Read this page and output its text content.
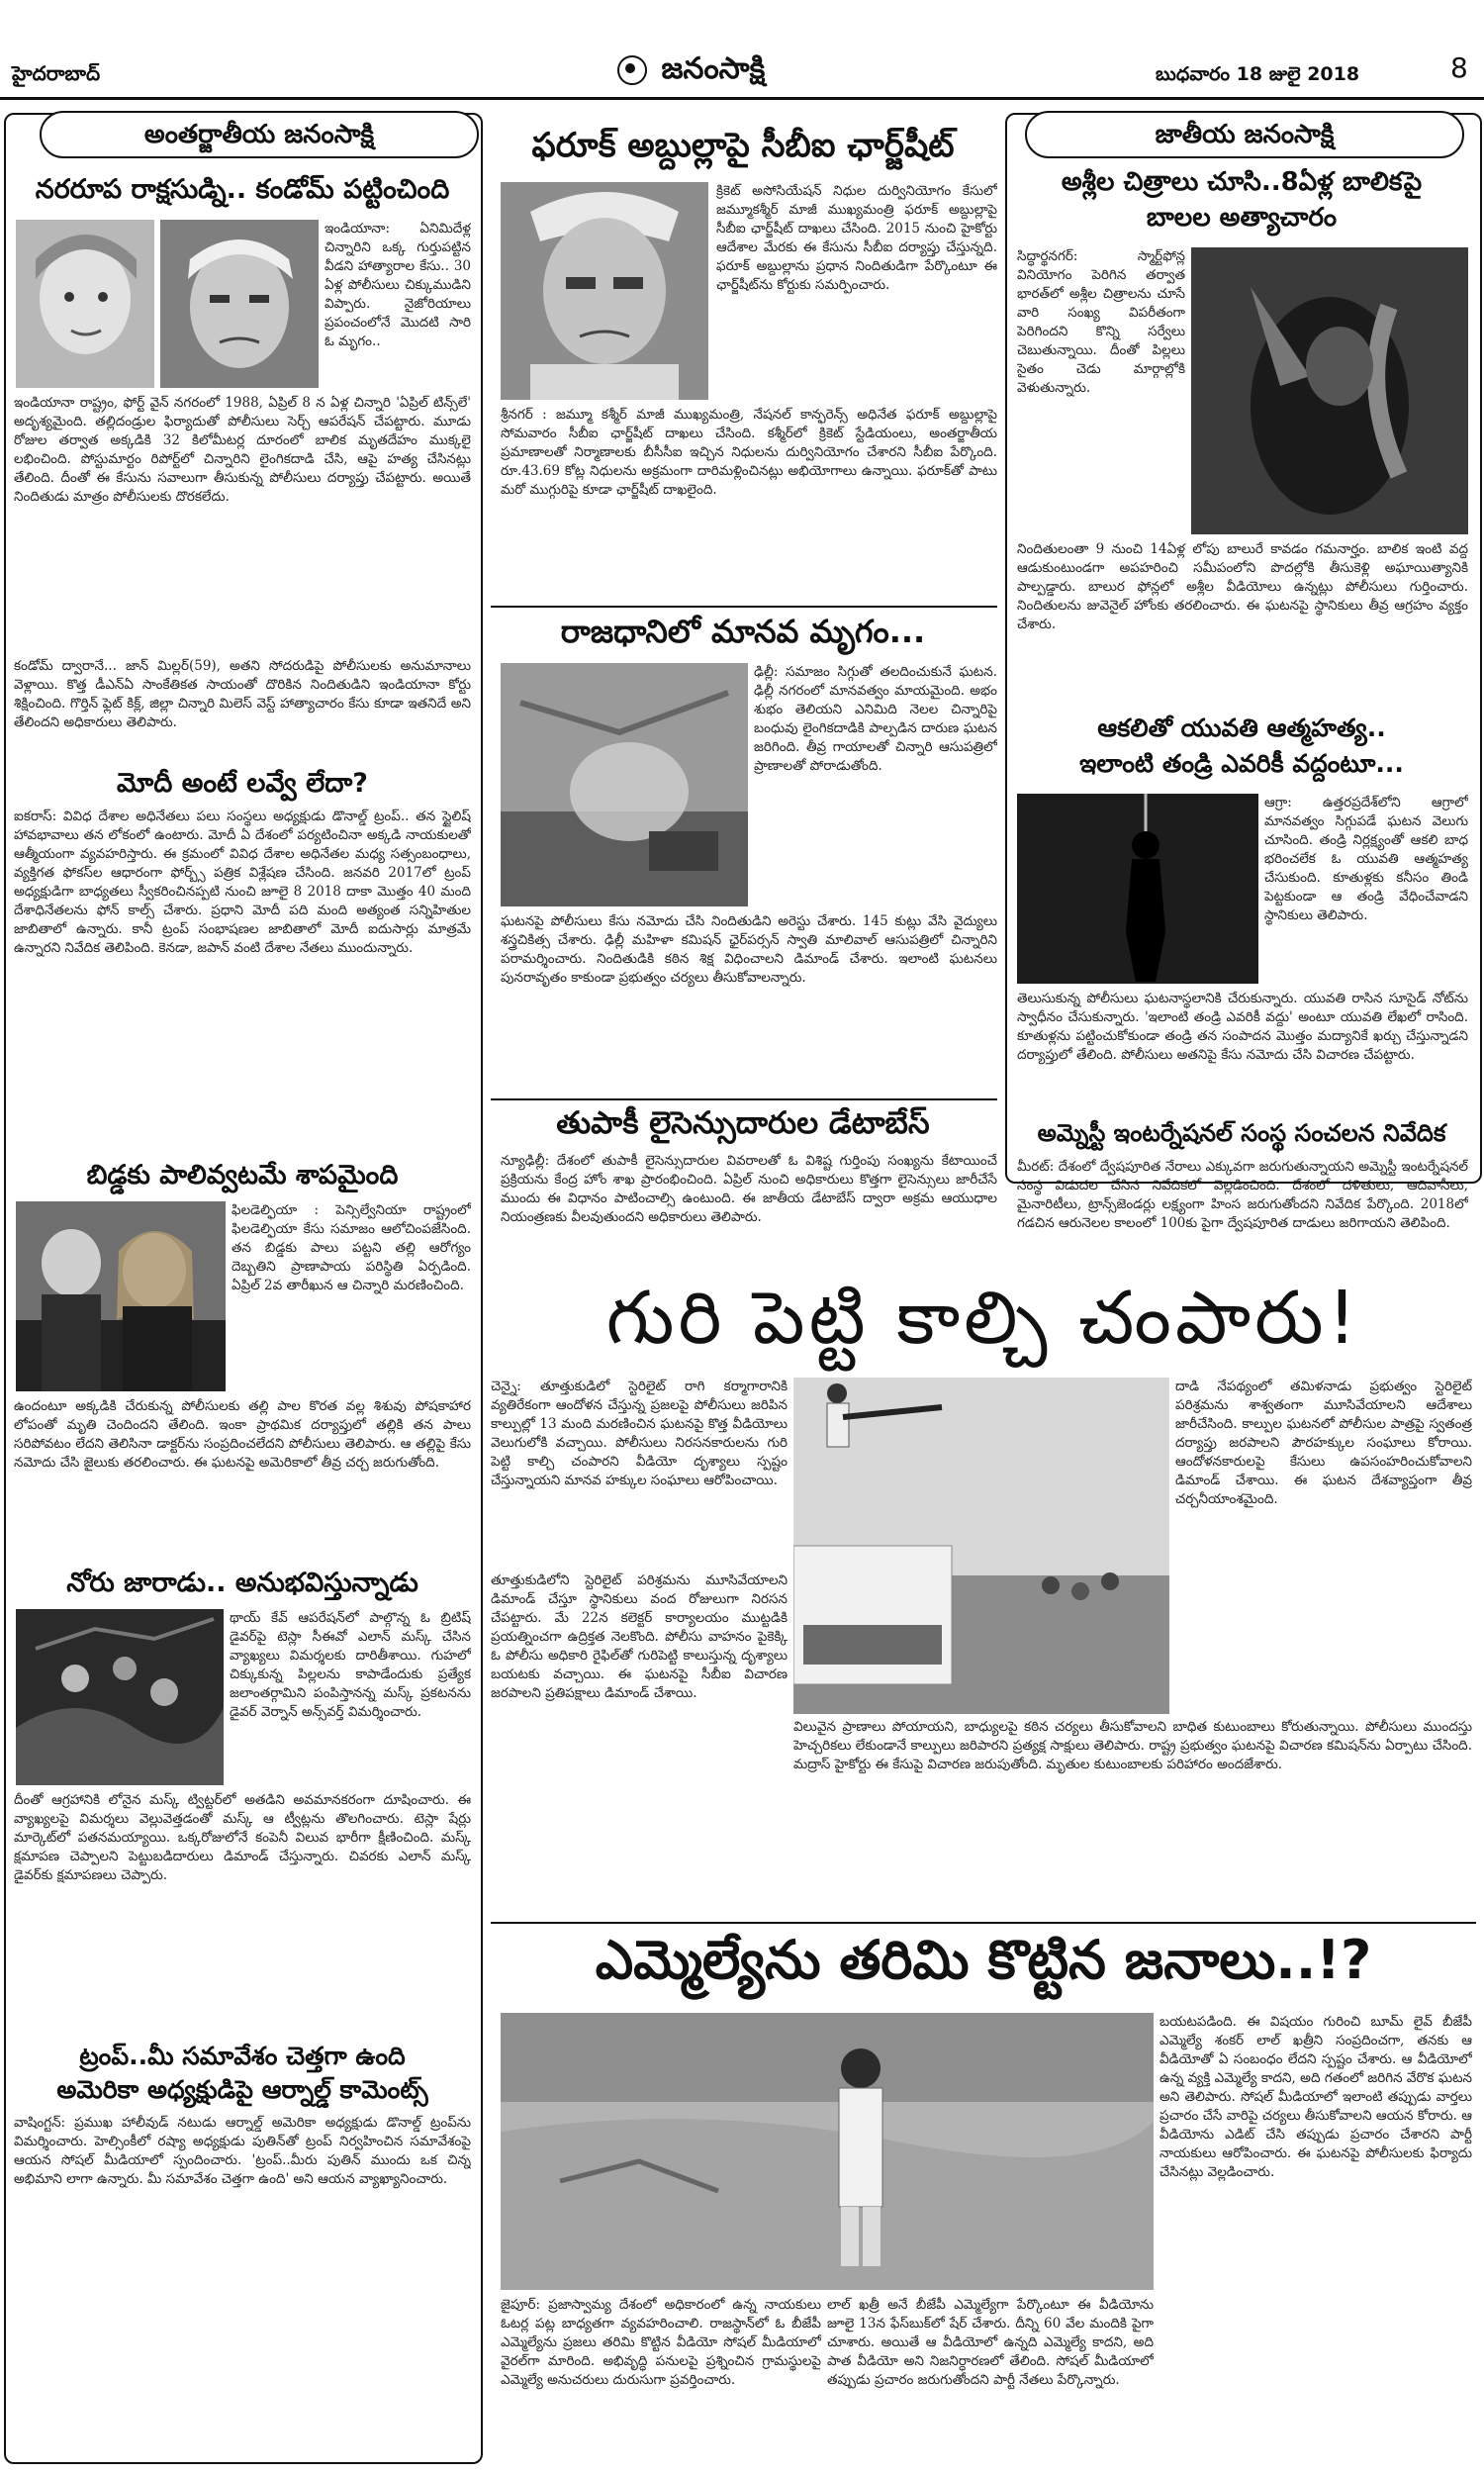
హైదరాబాద్	జనంసాక్షి	బుధవారం 18 జులై 2018	8
అంతర్జాతీయ జనంసాక్షి	జాతీయ జనంసాక్షి
నరరూప రాక్షసుడ్ని.. కండోమ్‌ పట్టించింది
ఇండియానా: ఏనిమిదేళ్ల చిన్నారిని ఒక్క గుర్తుపట్టిన వీడని హాత్యారాల కేసు.. 30 ఏళ్ల పోలీసులు చిక్కుముడిని విప్పారు. నైజోరియాలు ప్రపంచంలోనే మొదటి సారి ఓ మృగం..
ఇండియానా రాష్ట్రం, ఫోర్ట్‌ వైన్‌ నగరంలో 1988, ఏప్రిల్‌ 8 న ఏళ్ల చిన్నారి 'ఏప్రిల్‌ టిన్స్‌లే' అదృశ్యమైంది. తల్లిదండ్రుల ఫిర్యాదుతో పోలీసులు సెర్చ్‌ ఆపరేషన్‌ చేపట్టారు. మూడు రోజుల తర్వాత అక్కడికి 32 కిలోమీటర్ల దూరంలో బాలిక మృతదేహం ముక్కలై లభించింది. పోస్టుమార్టం రిపోర్ట్‌లో చిన్నారిని లైంగికదాడి చేసి, ఆపై హత్య చేసినట్లు తేలింది. దీంతో ఈ కేసును సవాలుగా తీసుకున్న పోలీసులు దర్యాప్తు చేపట్టారు. అయితే నిందితుడు మాత్రం పోలీసులకు దొరకలేదు.
కండోమ్‌ ద్వారానే... జాన్‌ మిల్లర్‌(59), అతని సోదరుడిపై పోలీసులకు అనుమానాలు వెళ్లాయి. కొత్త డీఎన్‌ఏ సాంకేతికత సాయంతో దొరికిన నిందితుడిని ఇండియానా కోర్టు శిక్షించింది. గొర్తిన్‌ ఫ్లెట్‌ కిక్ల్‌, జిల్లా చిన్నారి మిలెస్‌ వెస్ట్‌ హాత్యాచారం కేసు కూడా ఇతనిదే అని తేలిందని అధికారులు తెలిపారు.
మోదీ అంటే లవ్వే లేదా?
ఐకరాస్‌: వివిధ దేశాల అధినేతలు పలు సంస్థలు అధ్యక్షుడు డొనాల్డ్‌ ట్రంప్‌.. తన స్టైలిష్‌ హావభావాలు తన లోకంలో ఉంటారు. మోదీ ఏ దేశంలో పర్యటించినా అక్కడి నాయకులతో ఆత్మీయంగా వ్యవహరిస్తారు. ఈ క్రమంలో వివిధ దేశాల అధినేతల మధ్య సత్సంబంధాలు, వ్యక్తిగత ఫోకస్‌ల ఆధారంగా ఫోర్బ్స్‌ పత్రిక విశ్లేషణ చేసింది. జనవరి 2017లో ట్రంప్‌ అధ్యక్షుడిగా బాధ్యతలు స్వీకరించినప్పటి నుంచి జూలై 8 2018 దాకా మొత్తం 40 మంది దేశాధినేతలను ఫోన్‌ కాల్స్‌ చేశారు. ప్రధాని మోదీ పది మంది అత్యంత సన్నిహితుల జాబితాలో ఉన్నారు. కానీ ట్రంప్‌ సంభాషణల జాబితాలో మోదీ ఐదుసార్లు మాత్రమే ఉన్నారని నివేదిక తెలిపింది. కెనడా, జపాన్‌ వంటి దేశాల నేతలు ముందున్నారు.
బిడ్డకు పాలివ్వటమే శాపమైంది
ఫిలడెల్ఫియా : పెన్సిల్వేనియా రాష్ట్రంలో ఫిలడెల్ఫియా కేసు సమాజం ఆలోచింపజేసింది. తన బిడ్డకు పాలు పట్టని తల్లి ఆరోగ్యం దెబ్బతిని ప్రాణాపాయ పరిస్థితి ఏర్పడింది. ఏప్రిల్‌ 2వ తారీఖున ఆ చిన్నారి మరణించింది.
ఉందంటూ అక్కడికి చేరుకున్న పోలీసులకు తల్లి పాల కొరత వల్ల శిశువు పోషకాహార లోపంతో మృతి చెందిందని తేలింది. ఇంకా ప్రాథమిక దర్యాప్తులో తల్లికి తన పాలు సరిపోవటం లేదని తెలిసినా డాక్టర్‌ను సంప్రదించలేదని పోలీసులు తెలిపారు. ఆ తల్లిపై కేసు నమోదు చేసి జైలుకు తరలించారు. ఈ ఘటనపై అమెరికాలో తీవ్ర చర్చ జరుగుతోంది.
నోరు జారాడు.. అనుభవిస్తున్నాడు
థాయ్‌ కేవ్‌ ఆపరేషన్‌లో పాల్గొన్న ఓ బ్రిటిష్‌ డైవర్‌పై టెస్లా సీఈవో ఎలాన్‌ మస్క్‌ చేసిన వ్యాఖ్యలు విమర్శలకు దారితీశాయి. గుహలో చిక్కుకున్న పిల్లలను కాపాడేందుకు ప్రత్యేక జలాంతర్గామిని పంపిస్తానన్న మస్క్‌ ప్రకటనను డైవర్‌ వెర్నాన్‌ అన్స్‌వర్త్‌ విమర్శించారు.
దీంతో ఆగ్రహానికి లోనైన మస్క్‌ ట్విట్టర్‌లో అతడిని అవమానకరంగా దూషించారు. ఈ వ్యాఖ్యలపై విమర్శలు వెల్లువెత్తడంతో మస్క్‌ ఆ ట్వీట్లను తొలగించారు. టెస్లా షేర్లు మార్కెట్‌లో పతనమయ్యాయి. ఒక్కరోజులోనే కంపెనీ విలువ భారీగా క్షీణించింది. మస్క్‌ క్షమాపణ చెప్పాలని పెట్టుబడిదారులు డిమాండ్‌ చేస్తున్నారు. చివరకు ఎలాన్‌ మస్క్‌ డైవర్‌కు క్షమాపణలు చెప్పారు.
ట్రంప్‌..మీ సమావేశం చెత్తగా ఉంది
అమెరికా అధ్యక్షుడిపై ఆర్నాల్డ్‌ కామెంట్స్‌
వాషింగ్టన్‌: ప్రముఖ హాలీవుడ్‌ నటుడు ఆర్నాల్డ్‌ అమెరికా అధ్యక్షుడు డొనాల్డ్‌ ట్రంప్‌ను విమర్శించారు. హెల్సింకీలో రష్యా అధ్యక్షుడు పుతిన్‌తో ట్రంప్‌ నిర్వహించిన సమావేశంపై ఆయన సోషల్‌ మీడియాలో స్పందించారు. 'ట్రంప్‌..మీరు పుతిన్‌ ముందు ఒక చిన్న అభిమాని లాగా ఉన్నారు. మీ సమావేశం చెత్తగా ఉంది' అని ఆయన వ్యాఖ్యానించారు.
ఫరూక్‌ అబ్దుల్లాపై సీబీఐ ఛార్జ్‌షీట్‌
క్రికెట్‌ అసోసియేషన్‌ నిధుల దుర్వినియోగం కేసులో జమ్మూకశ్మీర్‌ మాజీ ముఖ్యమంత్రి ఫరూక్‌ అబ్దుల్లాపై సీబీఐ ఛార్జ్‌షీట్‌ దాఖలు చేసింది. 2015 నుంచి హైకోర్టు ఆదేశాల మేరకు ఈ కేసును సీబీఐ దర్యాప్తు చేస్తున్నది. ఫరూక్‌ అబ్దుల్లాను ప్రధాన నిందితుడిగా పేర్కొంటూ ఈ ఛార్జ్‌షీట్‌ను కోర్టుకు సమర్పించారు.
శ్రీనగర్‌ : జమ్మూ కశ్మీర్‌ మాజీ ముఖ్యమంత్రి, నేషనల్‌ కాన్ఫరెన్స్‌ అధినేత ఫరూక్‌ అబ్దుల్లాపై సోమవారం సీబీఐ ఛార్జ్‌షీట్‌ దాఖలు చేసింది. కశ్మీర్‌లో క్రికెట్‌ స్టేడియంలు, అంతర్జాతీయ ప్రమాణాలతో నిర్మాణాలకు బీసీసీఐ ఇచ్చిన నిధులను దుర్వినియోగం చేశారని సీబీఐ పేర్కొంది. రూ.43.69 కోట్ల నిధులను అక్రమంగా దారిమళ్లించినట్లు అభియోగాలు ఉన్నాయి. ఫరూక్‌తో పాటు మరో ముగ్గురిపై కూడా ఛార్జ్‌షీట్‌ దాఖలైంది.
రాజధానిలో మానవ మృగం...
ఢిల్లీ: సమాజం సిగ్గుతో తలదించుకునే ఘటన. ఢిల్లీ నగరంలో మానవత్వం మాయమైంది. అభం శుభం తెలియని ఎనిమిది నెలల చిన్నారిపై బంధువు లైంగికదాడికి పాల్పడిన దారుణ ఘటన జరిగింది. తీవ్ర గాయాలతో చిన్నారి ఆసుపత్రిలో ప్రాణాలతో పోరాడుతోంది.
ఘటనపై పోలీసులు కేసు నమోదు చేసి నిందితుడిని అరెస్టు చేశారు. 145 కుట్లు వేసి వైద్యులు శస్త్రచికిత్స చేశారు. ఢిల్లీ మహిళా కమిషన్‌ ఛైర్‌పర్సన్‌ స్వాతి మాలివాల్‌ ఆసుపత్రిలో చిన్నారిని పరామర్శించారు. నిందితుడికి కఠిన శిక్ష విధించాలని డిమాండ్‌ చేశారు. ఇలాంటి ఘటనలు పునరావృతం కాకుండా ప్రభుత్వం చర్యలు తీసుకోవాలన్నారు.
తుపాకీ లైసెన్సుదారుల డేటాబేస్‌
న్యూఢిల్లీ: దేశంలో తుపాకీ లైసెన్సుదారుల వివరాలతో ఓ విశిష్ట గుర్తింపు సంఖ్యను కేటాయించే ప్రక్రియను కేంద్ర హోం శాఖ ప్రారంభించింది. ఏప్రిల్‌ నుంచి అధికారులు కొత్తగా లైసెన్సులు జారీచేసే ముందు ఈ విధానం పాటించాల్సి ఉంటుంది. ఈ జాతీయ డేటాబేస్‌ ద్వారా అక్రమ ఆయుధాల నియంత్రణకు వీలవుతుందని అధికారులు తెలిపారు.
అశ్లీల చిత్రాలు చూసి..8ఏళ్ల బాలికపై
బాలల అత్యాచారం
సిద్ధార్థనగర్‌: స్మార్ట్‌ఫోన్ల వినియోగం పెరిగిన తర్వాత భారత్‌లో అశ్లీల చిత్రాలను చూసే వారి సంఖ్య విపరీతంగా పెరిగిందని కొన్ని సర్వేలు చెబుతున్నాయి. దీంతో పిల్లలు సైతం చెడు మార్గాల్లోకి వెళుతున్నారు.
నిందితులంతా 9 నుంచి 14ఏళ్ల లోపు బాలురే కావడం గమనార్హం. బాలిక ఇంటి వద్ద ఆడుకుంటుండగా అపహరించి సమీపంలోని పొదల్లోకి తీసుకెళ్లి అఘాయిత్యానికి పాల్పడ్డారు. బాలుర ఫోన్లలో అశ్లీల వీడియోలు ఉన్నట్లు పోలీసులు గుర్తించారు. నిందితులను జువెనైల్‌ హోంకు తరలించారు. ఈ ఘటనపై స్థానికులు తీవ్ర ఆగ్రహం వ్యక్తం చేశారు.
ఆకలితో యువతి ఆత్మహత్య..
ఇలాంటి తండ్రి ఎవరికీ వద్దంటూ...
ఆగ్రా: ఉత్తరప్రదేశ్‌లోని ఆగ్రాలో మానవత్వం సిగ్గుపడే ఘటన వెలుగు చూసింది. తండ్రి నిర్లక్ష్యంతో ఆకలి బాధ భరించలేక ఓ యువతి ఆత్మహత్య చేసుకుంది. కూతుళ్లకు కనీసం తిండి పెట్టకుండా ఆ తండ్రి వేధించేవాడని స్థానికులు తెలిపారు.
తెలుసుకున్న పోలీసులు ఘటనాస్థలానికి చేరుకున్నారు. యువతి రాసిన సూసైడ్‌ నోట్‌ను స్వాధీనం చేసుకున్నారు. 'ఇలాంటి తండ్రి ఎవరికీ వద్దు' అంటూ యువతి లేఖలో రాసింది. కూతుళ్లను పట్టించుకోకుండా తండ్రి తన సంపాదన మొత్తం మద్యానికే ఖర్చు చేస్తున్నాడని దర్యాప్తులో తేలింది. పోలీసులు అతనిపై కేసు నమోదు చేసి విచారణ చేపట్టారు.
అమ్నెస్టీ ఇంటర్నేషనల్‌ సంస్థ సంచలన నివేదిక
మీరట్‌: దేశంలో ద్వేషపూరిత నేరాలు ఎక్కువగా జరుగుతున్నాయని అమ్నెస్టీ ఇంటర్నేషనల్‌ సంస్థ విడుదల చేసిన నివేదికలో వెల్లడించింది. దేశంలో దళితులు, ఆదివాసీలు, మైనారిటీలు, ట్రాన్స్‌జెండర్లు లక్ష్యంగా హింస జరుగుతోందని నివేదిక పేర్కొంది. 2018లో గడచిన ఆరునెలల కాలంలో 100కు పైగా ద్వేషపూరిత దాడులు జరిగాయని తెలిపింది.
గురి పెట్టి కాల్చి చంపారు!
చెన్నై: తూత్తుకుడిలో స్టెరిలైట్‌ రాగి కర్మాగారానికి వ్యతిరేకంగా ఆందోళన చేస్తున్న ప్రజలపై పోలీసులు జరిపిన కాల్పుల్లో 13 మంది మరణించిన ఘటనపై కొత్త వీడియోలు వెలుగులోకి వచ్చాయి. పోలీసులు నిరసనకారులను గురి పెట్టి కాల్చి చంపారని వీడియో దృశ్యాలు స్పష్టం చేస్తున్నాయని మానవ హక్కుల సంఘాలు ఆరోపించాయి.
దాడి నేపథ్యంలో తమిళనాడు ప్రభుత్వం స్టెరిలైట్‌ పరిశ్రమను శాశ్వతంగా మూసివేయాలని ఆదేశాలు జారీచేసింది. కాల్పుల ఘటనలో పోలీసుల పాత్రపై స్వతంత్ర దర్యాప్తు జరపాలని పౌరహక్కుల సంఘాలు కోరాయి. ఆందోళనకారులపై కేసులు ఉపసంహరించుకోవాలని డిమాండ్‌ చేశాయి. ఈ ఘటన దేశవ్యాప్తంగా తీవ్ర చర్చనీయాంశమైంది.
తూత్తుకుడిలోని స్టెరిలైట్‌ పరిశ్రమను మూసివేయాలని డిమాండ్‌ చేస్తూ స్థానికులు వంద రోజులుగా నిరసన చేపట్టారు. మే 22న కలెక్టర్‌ కార్యాలయం ముట్టడికి ప్రయత్నించగా ఉద్రిక్తత నెలకొంది. పోలీసు వాహనం పైకెక్కి ఓ పోలీసు అధికారి రైఫిల్‌తో గురిపెట్టి కాలుస్తున్న దృశ్యాలు బయటకు వచ్చాయి. ఈ ఘటనపై సీబీఐ విచారణ జరపాలని ప్రతిపక్షాలు డిమాండ్‌ చేశాయి.
విలువైన ప్రాణాలు పోయాయని, బాధ్యులపై కఠిన చర్యలు తీసుకోవాలని బాధిత కుటుంబాలు కోరుతున్నాయి. పోలీసులు ముందస్తు హెచ్చరికలు లేకుండానే కాల్పులు జరిపారని ప్రత్యక్ష సాక్షులు తెలిపారు. రాష్ట్ర ప్రభుత్వం ఘటనపై విచారణ కమిషన్‌ను ఏర్పాటు చేసింది. మద్రాస్‌ హైకోర్టు ఈ కేసుపై విచారణ జరుపుతోంది. మృతుల కుటుంబాలకు పరిహారం అందజేశారు.
ఎమ్మెల్యేను తరిమి కొట్టిన జనాలు..!?
బయటపడింది. ఈ విషయం గురించి బూమ్‌ లైవ్‌ బీజేపీ ఎమ్మెల్యే శంకర్‌ లాల్‌ ఖత్రీని సంప్రదించగా, తనకు ఆ వీడియోతో ఏ సంబంధం లేదని స్పష్టం చేశారు. ఆ వీడియోలో ఉన్న వ్యక్తి ఎమ్మెల్యే కాదని, అది గతంలో జరిగిన వేరొక ఘటన అని తెలిపారు. సోషల్‌ మీడియాలో ఇలాంటి తప్పుడు వార్తలు ప్రచారం చేసే వారిపై చర్యలు తీసుకోవాలని ఆయన కోరారు. ఆ వీడియోను ఎడిట్‌ చేసి తప్పుడు ప్రచారం చేశారని పార్టీ నాయకులు ఆరోపించారు. ఈ ఘటనపై పోలీసులకు ఫిర్యాదు చేసినట్లు వెల్లడించారు.
జైపూర్‌: ప్రజాస్వామ్య దేశంలో అధికారంలో ఉన్న నాయకులు ఓటర్ల పట్ల బాధ్యతగా వ్యవహరించాలి. రాజస్థాన్‌లో ఓ బీజేపీ ఎమ్మెల్యేను ప్రజలు తరిమి కొట్టిన వీడియో సోషల్‌ మీడియాలో వైరల్‌గా మారింది. అభివృద్ధి పనులపై ప్రశ్నించిన గ్రామస్థులపై ఎమ్మెల్యే అనుచరులు దురుసుగా ప్రవర్తించారు.
లాల్‌ ఖత్రీ అనే బీజేపీ ఎమ్మెల్యేగా పేర్కొంటూ ఈ వీడియోను జూలై 13న ఫేస్‌బుక్‌లో షేర్‌ చేశారు. దీన్ని 60 వేల మందికి పైగా చూశారు. అయితే ఆ వీడియోలో ఉన్నది ఎమ్మెల్యే కాదని, అది పాత వీడియో అని నిజనిర్ధారణలో తేలింది. సోషల్‌ మీడియాలో తప్పుడు ప్రచారం జరుగుతోందని పార్టీ నేతలు పేర్కొన్నారు.
